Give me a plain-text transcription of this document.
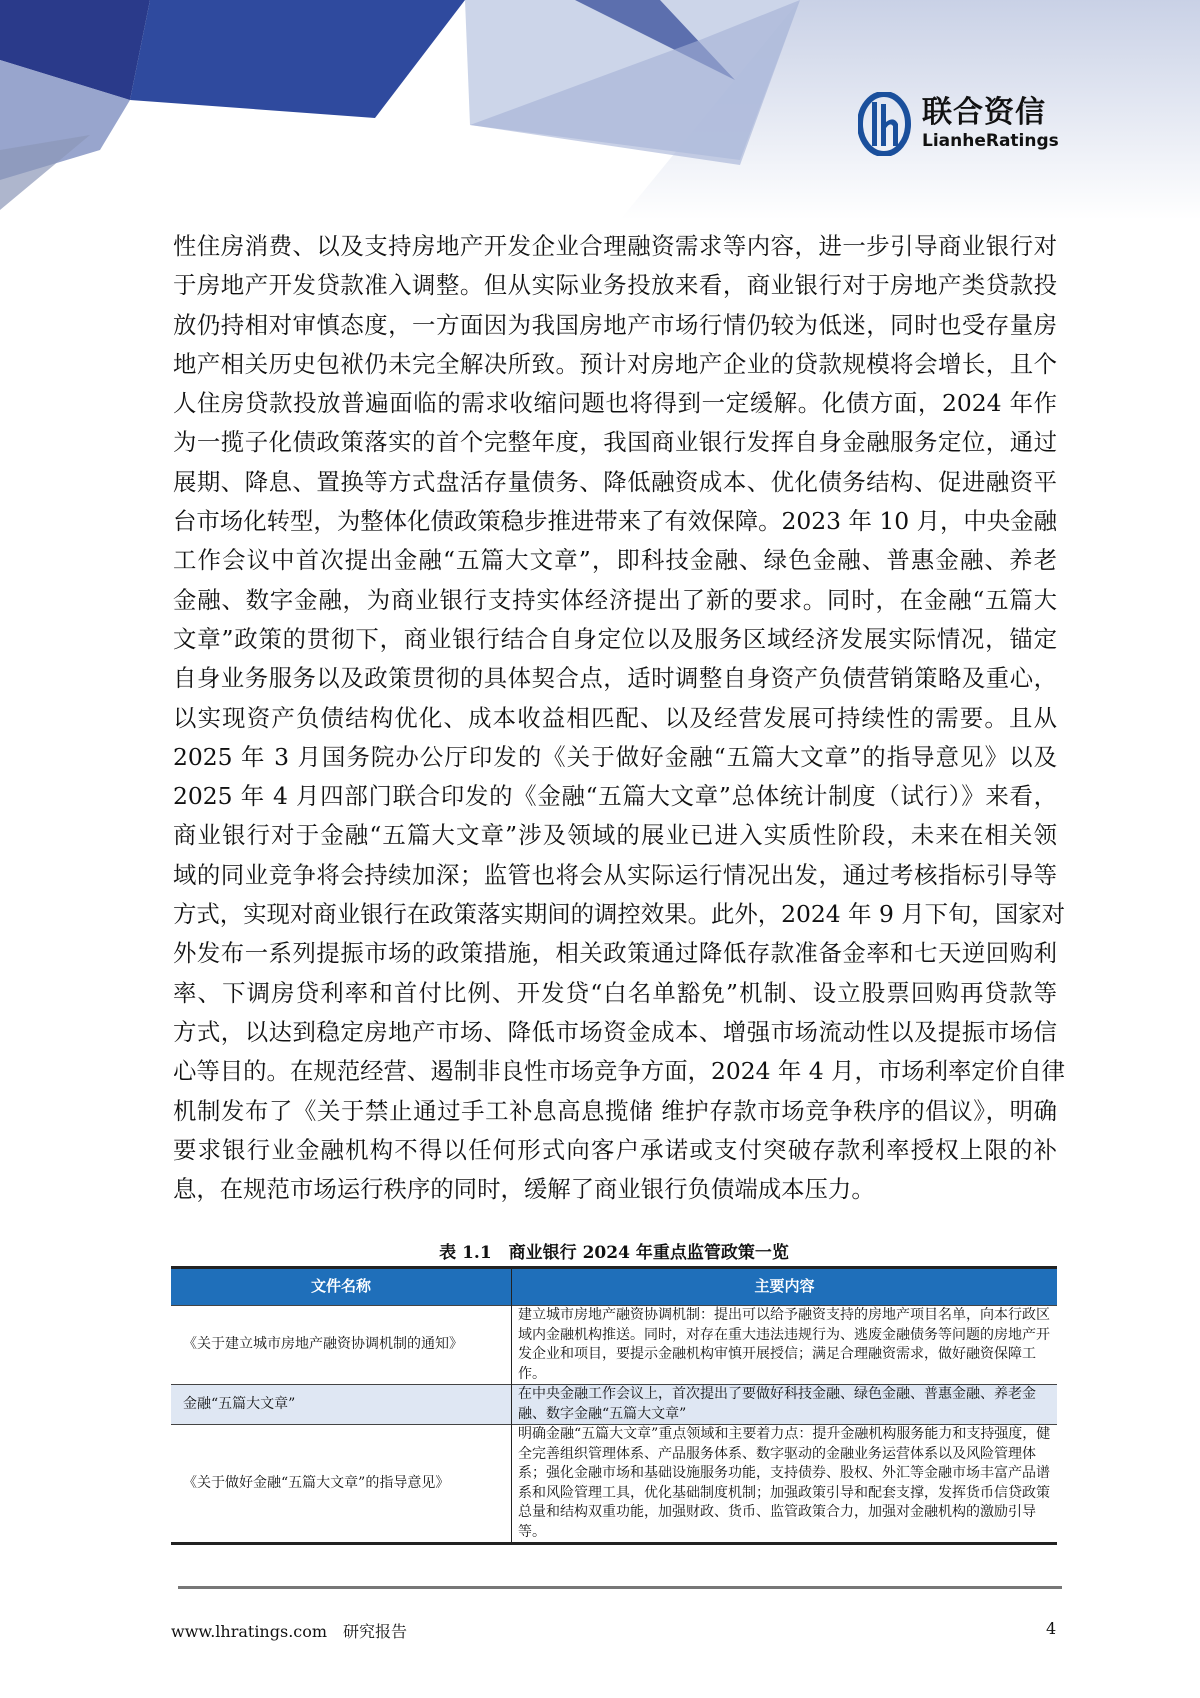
联合资信
LianheRatings
性住房消费、以及支持房地产开发企业合理融资需求等内容，进一步引导商业银行对
于房地产开发贷款准入调整。但从实际业务投放来看，商业银行对于房地产类贷款投
放仍持相对审慎态度，一方面因为我国房地产市场行情仍较为低迷，同时也受存量房
地产相关历史包袱仍未完全解决所致。预计对房地产企业的贷款规模将会增长，且个
人住房贷款投放普遍面临的需求收缩问题也将得到一定缓解。化债方面，2024 年作
为一揽子化债政策落实的首个完整年度，我国商业银行发挥自身金融服务定位，通过
展期、降息、置换等方式盘活存量债务、降低融资成本、优化债务结构、促进融资平
台市场化转型，为整体化债政策稳步推进带来了有效保障。2023 年 10 月，中央金融
工作会议中首次提出金融“五篇大文章”，即科技金融、绿色金融、普惠金融、养老
金融、数字金融，为商业银行支持实体经济提出了新的要求。同时，在金融“五篇大
文章”政策的贯彻下，商业银行结合自身定位以及服务区域经济发展实际情况，锚定
自身业务服务以及政策贯彻的具体契合点，适时调整自身资产负债营销策略及重心，
以实现资产负债结构优化、成本收益相匹配、以及经营发展可持续性的需要。且从
2025 年 3 月国务院办公厅印发的《关于做好金融“五篇大文章”的指导意见》以及
2025 年 4 月四部门联合印发的《金融“五篇大文章”总体统计制度（试行）》来看，
商业银行对于金融“五篇大文章”涉及领域的展业已进入实质性阶段，未来在相关领
域的同业竞争将会持续加深；监管也将会从实际运行情况出发，通过考核指标引导等
方式，实现对商业银行在政策落实期间的调控效果。此外，2024 年 9 月下旬，国家对
外发布一系列提振市场的政策措施，相关政策通过降低存款准备金率和七天逆回购利
率、下调房贷利率和首付比例、开发贷“白名单豁免”机制、设立股票回购再贷款等
方式，以达到稳定房地产市场、降低市场资金成本、增强市场流动性以及提振市场信
心等目的。在规范经营、遏制非良性市场竞争方面，2024 年 4 月，市场利率定价自律
机制发布了《关于禁止通过手工补息高息揽储 维护存款市场竞争秩序的倡议》，明确
要求银行业金融机构不得以任何形式向客户承诺或支付突破存款利率授权上限的补
息，在规范市场运行秩序的同时，缓解了商业银行负债端成本压力。
表 1.1　商业银行 2024 年重点监管政策一览
文件名称	主要内容
《关于建立城市房地产融资协调机制的通知》	建立城市房地产融资协调机制：提出可以给予融资支持的房地产项目名单，向本行政区域内金融机构推送。同时，对存在重大违法违规行为、逃废金融债务等问题的房地产开发企业和项目，要提示金融机构审慎开展授信；满足合理融资需求，做好融资保障工作。
金融“五篇大文章”	在中央金融工作会议上，首次提出了要做好科技金融、绿色金融、普惠金融、养老金融、数字金融“五篇大文章”
《关于做好金融“五篇大文章”的指导意见》	明确金融“五篇大文章”重点领域和主要着力点：提升金融机构服务能力和支持强度，健全完善组织管理体系、产品服务体系、数字驱动的金融业务运营体系以及风险管理体系；强化金融市场和基础设施服务功能，支持债券、股权、外汇等金融市场丰富产品谱系和风险管理工具，优化基础制度机制；加强政策引导和配套支撑，发挥货币信贷政策总量和结构双重功能，加强财政、货币、监管政策合力，加强对金融机构的激励引导等。
www.lhratings.com 研究报告	4
